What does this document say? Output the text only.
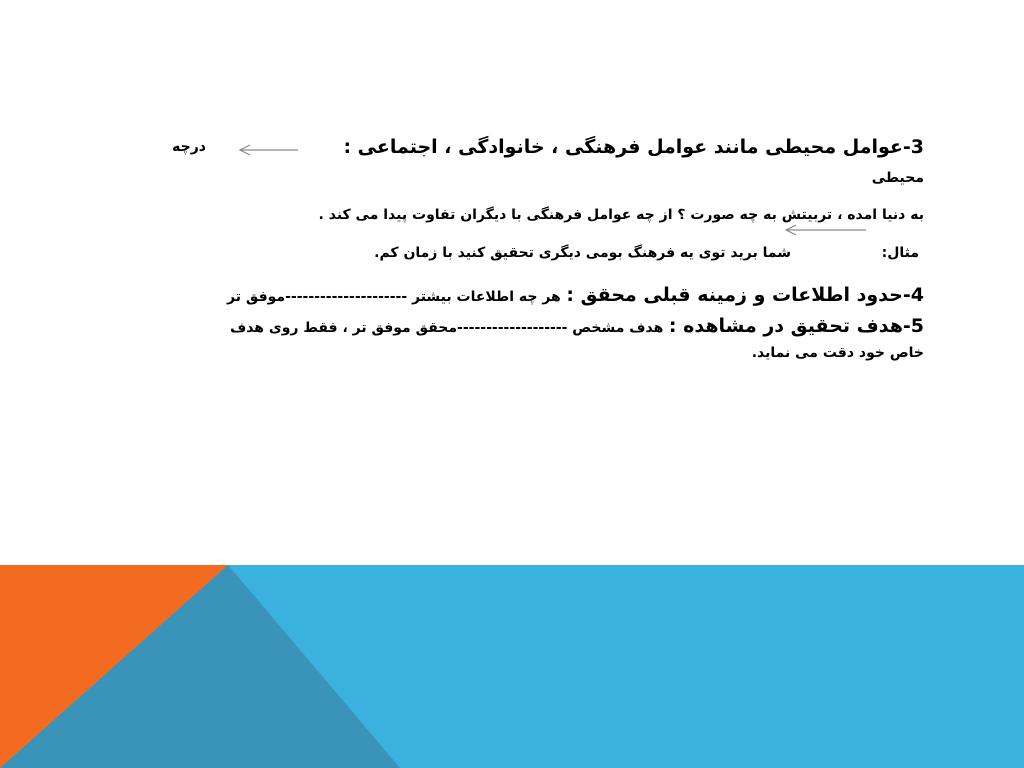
3-عوامل محیطی مانند عوامل فرهنگی ، خانوادگی ، اجتماعی :
درچه
محیطی
به دنیا امده ، تربیتش به چه صورت ؟ از چه عوامل فرهنگی با دیگران تفاوت پیدا می کند .
مثال:
شما برید توی یه فرهنگ بومی دیگری تحقیق کنید با زمان کم.
4-حدود اطلاعات و زمینه قبلی محقق : هر چه اطلاعات بیشتر ---------------------موفق تر
5-هدف تحقیق در مشاهده : هدف مشخص -------------------محقق موفق تر ، فقط روی هدف
خاص خود دقت می نماید.
